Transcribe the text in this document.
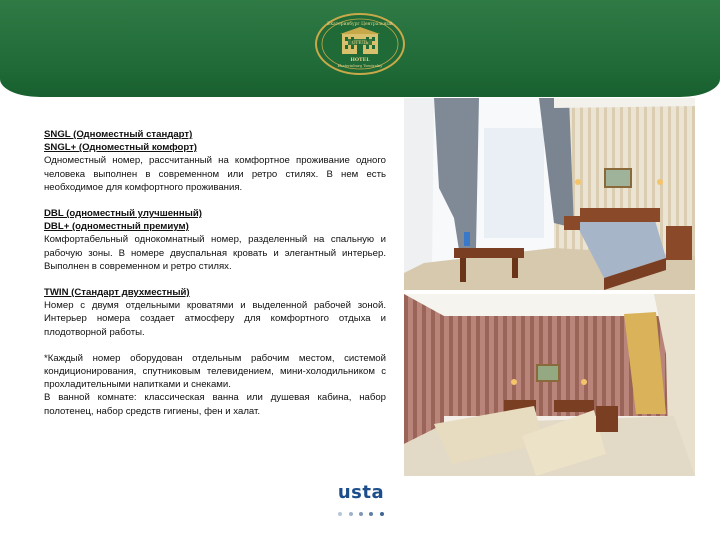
Екатеринбург Центральный
ОТЕЛЬ
HOTEL
Ekaterinburg Tsentralny
SNGL (Одноместный стандарт)
SNGL+ (Одноместный комфорт)

Одноместный номер, рассчитанный на комфортное проживание одного человека выполнен в современном или ретро стилях. В нем есть необходимое для комфортного проживания.

DBL (одноместный улучшенный)
DBL+ (одноместный премиум)

Комфортабельный однокомнатный номер, разделенный на спальную и рабочую зоны. В номере двуспальная кровать и элегантный интерьер. Выполнен в современном и ретро стилях.

TWIN (Стандарт двухместный)

Номер с двумя отдельными кроватями и выделенной рабочей зоной. Интерьер номера создает атмосферу для комфортного отдыха и плодотворной работы.

*Каждый номер оборудован отдельным рабочим местом, системой кондиционирования, спутниковым телевидением, мини-холодильником с прохладительными напитками и снеками.

В ванной комнате: классическая ванна или душевая кабина, набор полотенец, набор средств гигиены, фен и халат.

usta
